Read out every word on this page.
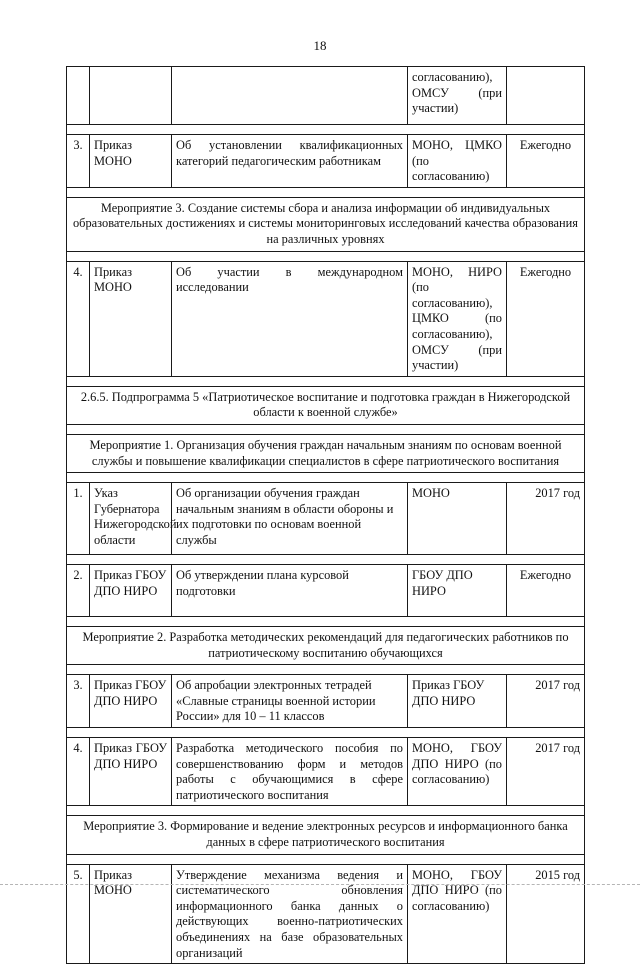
18
			согласованию), ОМСУ (при участии)	

3.	Приказ МОНО	Об установлении квалификационных категорий педагогическим работникам	МОНО, ЦМКО (по согласованию)	Ежегодно

Мероприятие 3. Создание системы сбора и анализа информации об индивидуальных образовательных достижениях и системы мониторинговых исследований качества образования на различных уровнях				

4.	Приказ МОНО	Об участии в международном исследовании	МОНО, НИРО (по согласованию), ЦМКО (по согласованию), ОМСУ (при участии)	Ежегодно

2.6.5. Подпрограмма 5 «Патриотическое воспитание и подготовка граждан в Нижегородской области к военной службе»				

Мероприятие 1. Организация обучения граждан начальным знаниям по основам военной службы и повышение квалификации специалистов в сфере патриотического воспитания				

1.	Указ Губернатора Нижегородской области	Об организации обучения граждан начальным знаниям в области обороны и их подготовки по основам военной службы	МОНО	2017 год

2.	Приказ ГБОУ ДПО НИРО	Об утверждении плана курсовой подготовки	ГБОУ ДПО НИРО	Ежегодно

Мероприятие 2. Разработка методических рекомендаций для педагогических работников по патриотическому воспитанию обучающихся				

3.	Приказ ГБОУ ДПО НИРО	Об апробации электронных тетрадей «Славные страницы военной истории России» для 10 – 11 классов	Приказ ГБОУ ДПО НИРО	2017 год

4.	Приказ ГБОУ ДПО НИРО	Разработка методического пособия по совершенствованию форм и методов работы с обучающимися в сфере патриотического воспитания	МОНО, ГБОУ ДПО НИРО (по согласованию)	2017 год

Мероприятие 3. Формирование и ведение электронных ресурсов и информационного банка данных в сфере патриотического воспитания				

5.	Приказ МОНО	Утверждение механизма ведения и систематического обновления информационного банка данных о действующих военно-патриотических объединениях на базе образовательных организаций	МОНО, ГБОУ ДПО НИРО (по согласованию)	2015 год
